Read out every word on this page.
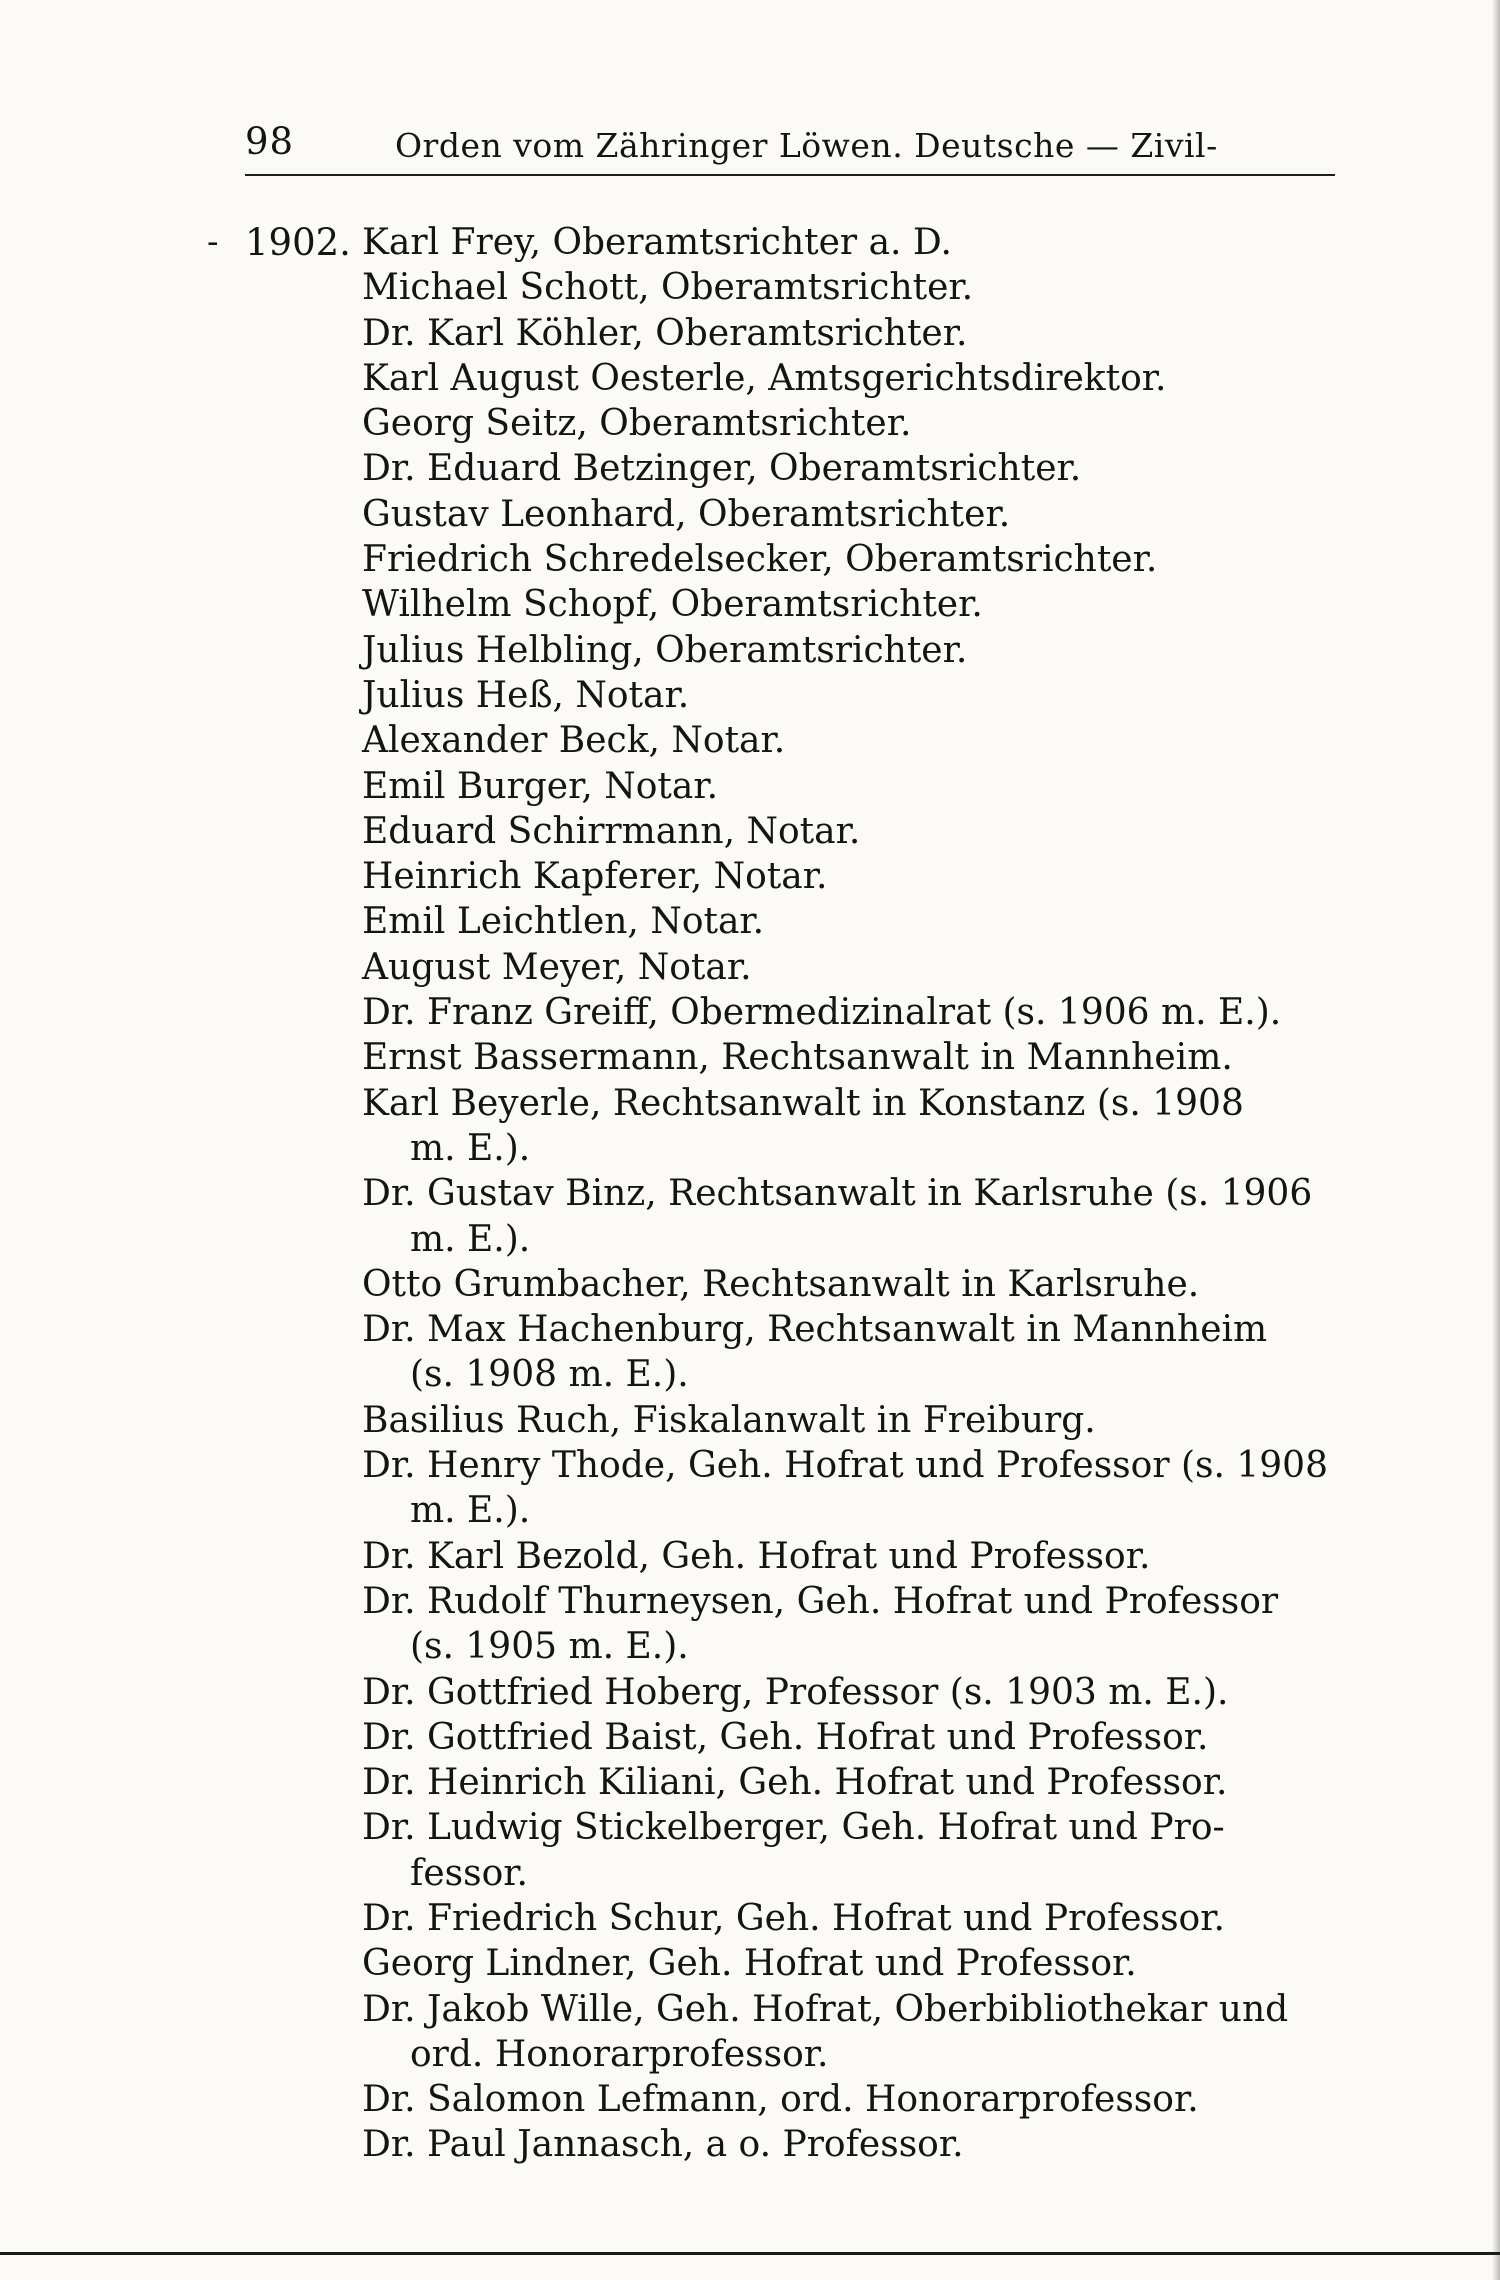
98	Orden vom Zähringer Löwen. Deutsche — Zivil-
- 1902. Karl Frey, Oberamtsrichter a. D.
Michael Schott, Oberamtsrichter.
Dr. Karl Köhler, Oberamtsrichter.
Karl August Oesterle, Amtsgerichtsdirektor.
Georg Seitz, Oberamtsrichter.
Dr. Eduard Betzinger, Oberamtsrichter.
Gustav Leonhard, Oberamtsrichter.
Friedrich Schredelsecker, Oberamtsrichter.
Wilhelm Schopf, Oberamtsrichter.
Julius Helbling, Oberamtsrichter.
Julius Heß, Notar.
Alexander Beck, Notar.
Emil Burger, Notar.
Eduard Schirrmann, Notar.
Heinrich Kapferer, Notar.
Emil Leichtlen, Notar.
August Meyer, Notar.
Dr. Franz Greiff, Obermedizinalrat (s. 1906 m. E.).
Ernst Bassermann, Rechtsanwalt in Mannheim.
Karl Beyerle, Rechtsanwalt in Konstanz (s. 1908
m. E.).
Dr. Gustav Binz, Rechtsanwalt in Karlsruhe (s. 1906
m. E.).
Otto Grumbacher, Rechtsanwalt in Karlsruhe.
Dr. Max Hachenburg, Rechtsanwalt in Mannheim
(s. 1908 m. E.).
Basilius Ruch, Fiskalanwalt in Freiburg.
Dr. Henry Thode, Geh. Hofrat und Professor (s. 1908
m. E.).
Dr. Karl Bezold, Geh. Hofrat und Professor.
Dr. Rudolf Thurneysen, Geh. Hofrat und Professor
(s. 1905 m. E.).
Dr. Gottfried Hoberg, Professor (s. 1903 m. E.).
Dr. Gottfried Baist, Geh. Hofrat und Professor.
Dr. Heinrich Kiliani, Geh. Hofrat und Professor.
Dr. Ludwig Stickelberger, Geh. Hofrat und Pro-
fessor.
Dr. Friedrich Schur, Geh. Hofrat und Professor.
Georg Lindner, Geh. Hofrat und Professor.
Dr. Jakob Wille, Geh. Hofrat, Oberbibliothekar und
ord. Honorarprofessor.
Dr. Salomon Lefmann, ord. Honorarprofessor.
Dr. Paul Jannasch, a o. Professor.
